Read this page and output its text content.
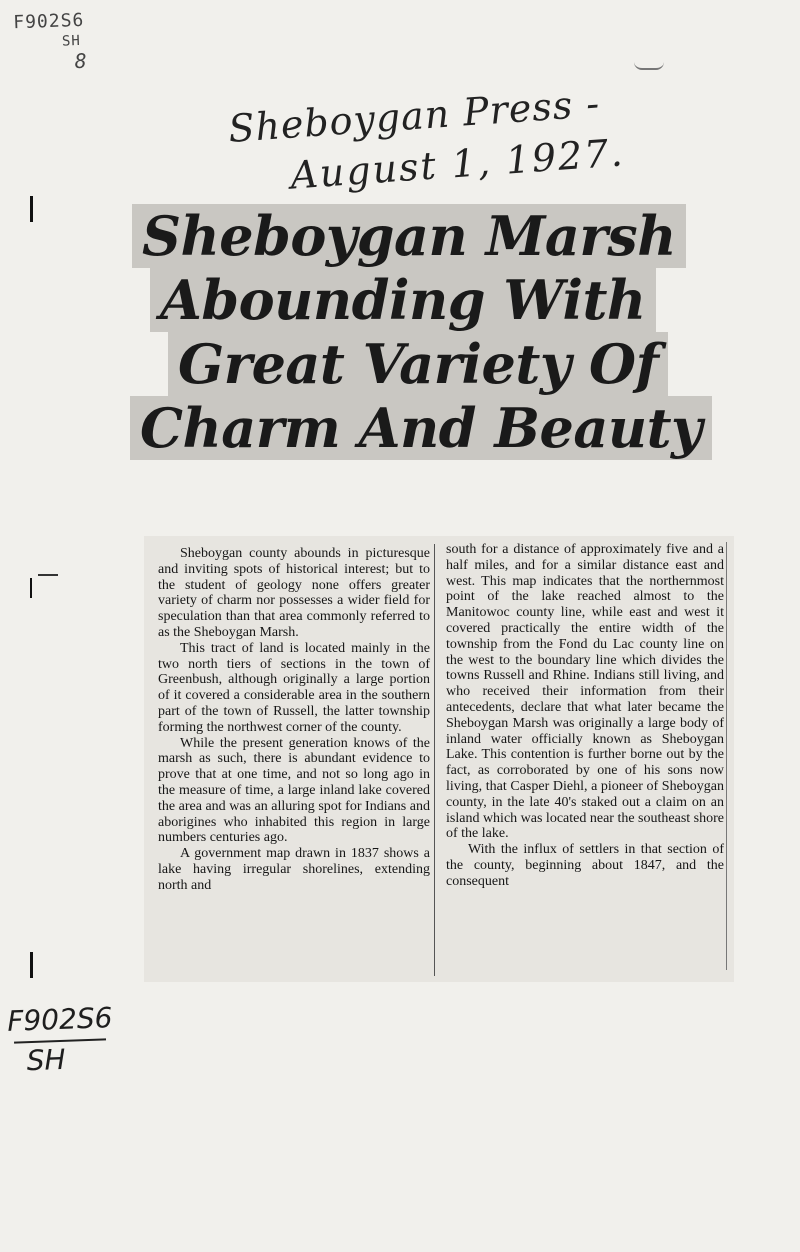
F902S6
SH
8
Sheboygan Press -
August 1, 1927.
Sheboygan Marsh
Abounding With
Great Variety Of
Charm And Beauty

Sheboygan county abounds in picturesque and inviting spots of historical interest; but to the student of geology none offers greater variety of charm nor possesses a wider field for speculation than that area commonly referred to as the Sheboygan Marsh.

This tract of land is located mainly in the two north tiers of sections in the town of Greenbush, although originally a large portion of it covered a considerable area in the southern part of the town of Russell, the latter township forming the northwest corner of the county.

While the present generation knows of the marsh as such, there is abundant evidence to prove that at one time, and not so long ago in the measure of time, a large inland lake covered the area and was an alluring spot for Indians and aborigines who inhabited this region in large numbers centuries ago.

A government map drawn in 1837 shows a lake having irregular shorelines, extending north and

south for a distance of approximately five and a half miles, and for a similar distance east and west. This map indicates that the northernmost point of the lake reached almost to the Manitowoc county line, while east and west it covered practically the entire width of the township from the Fond du Lac county line on the west to the boundary line which divides the towns Russell and Rhine. Indians still living, and who received their information from their antecedents, declare that what later became the Sheboygan Marsh was originally a large body of inland water officially known as Sheboygan Lake. This contention is further borne out by the fact, as corroborated by one of his sons now living, that Casper Diehl, a pioneer of Sheboygan county, in the late 40's staked out a claim on an island which was located near the southeast shore of the lake.

With the influx of settlers in that section of the county, beginning about 1847, and the consequent

F902S6
SH
